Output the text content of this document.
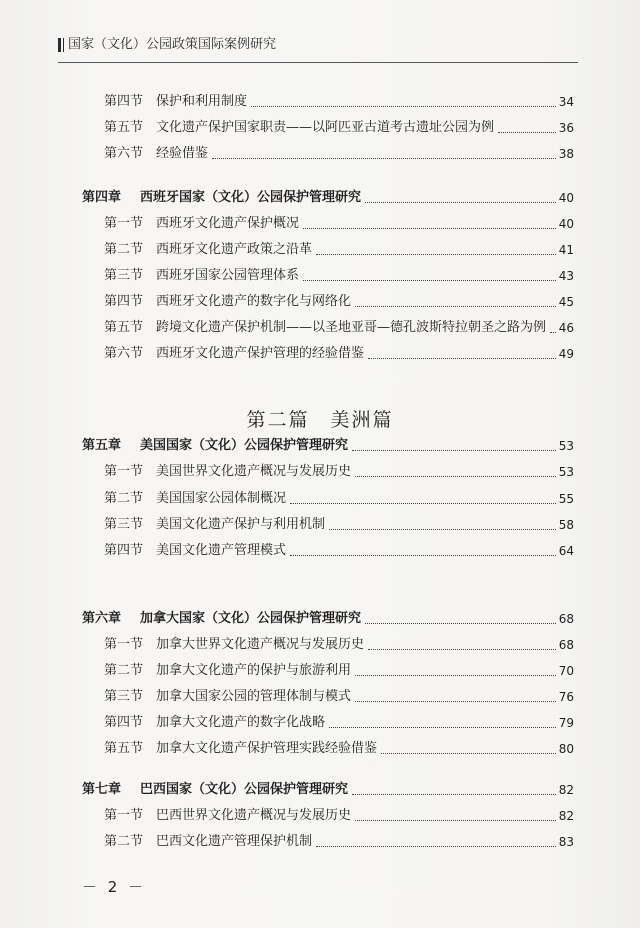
国家（文化）公园政策国际案例研究
第四节 保护和利用制度	34
第五节 文化遗产保护国家职责——以阿匹亚古道考古遗址公园为例	36
第六节 经验借鉴	38
第四章 西班牙国家（文化）公园保护管理研究	40
第一节 西班牙文化遗产保护概况	40
第二节 西班牙文化遗产政策之沿革	41
第三节 西班牙国家公园管理体系	43
第四节 西班牙文化遗产的数字化与网络化	45
第五节 跨境文化遗产保护机制——以圣地亚哥—德孔波斯特拉朝圣之路为例 46
第六节 西班牙文化遗产保护管理的经验借鉴	49
第五章 美国国家（文化）公园保护管理研究	53
第一节 美国世界文化遗产概况与发展历史	53
第二节 美国国家公园体制概况	55
第三节 美国文化遗产保护与利用机制	58
第四节 美国文化遗产管理模式	64
第六章 加拿大国家（文化）公园保护管理研究	68
第一节 加拿大世界文化遗产概况与发展历史	68
第二节 加拿大文化遗产的保护与旅游利用	70
第三节 加拿大国家公园的管理体制与模式	76
第四节 加拿大文化遗产的数字化战略	79
第五节 加拿大文化遗产保护管理实践经验借鉴	80
第七章 巴西国家（文化）公园保护管理研究	82
第一节 巴西世界文化遗产概况与发展历史	82
第二节 巴西文化遗产管理保护机制	83
第二篇　美洲篇
－ 2 －
